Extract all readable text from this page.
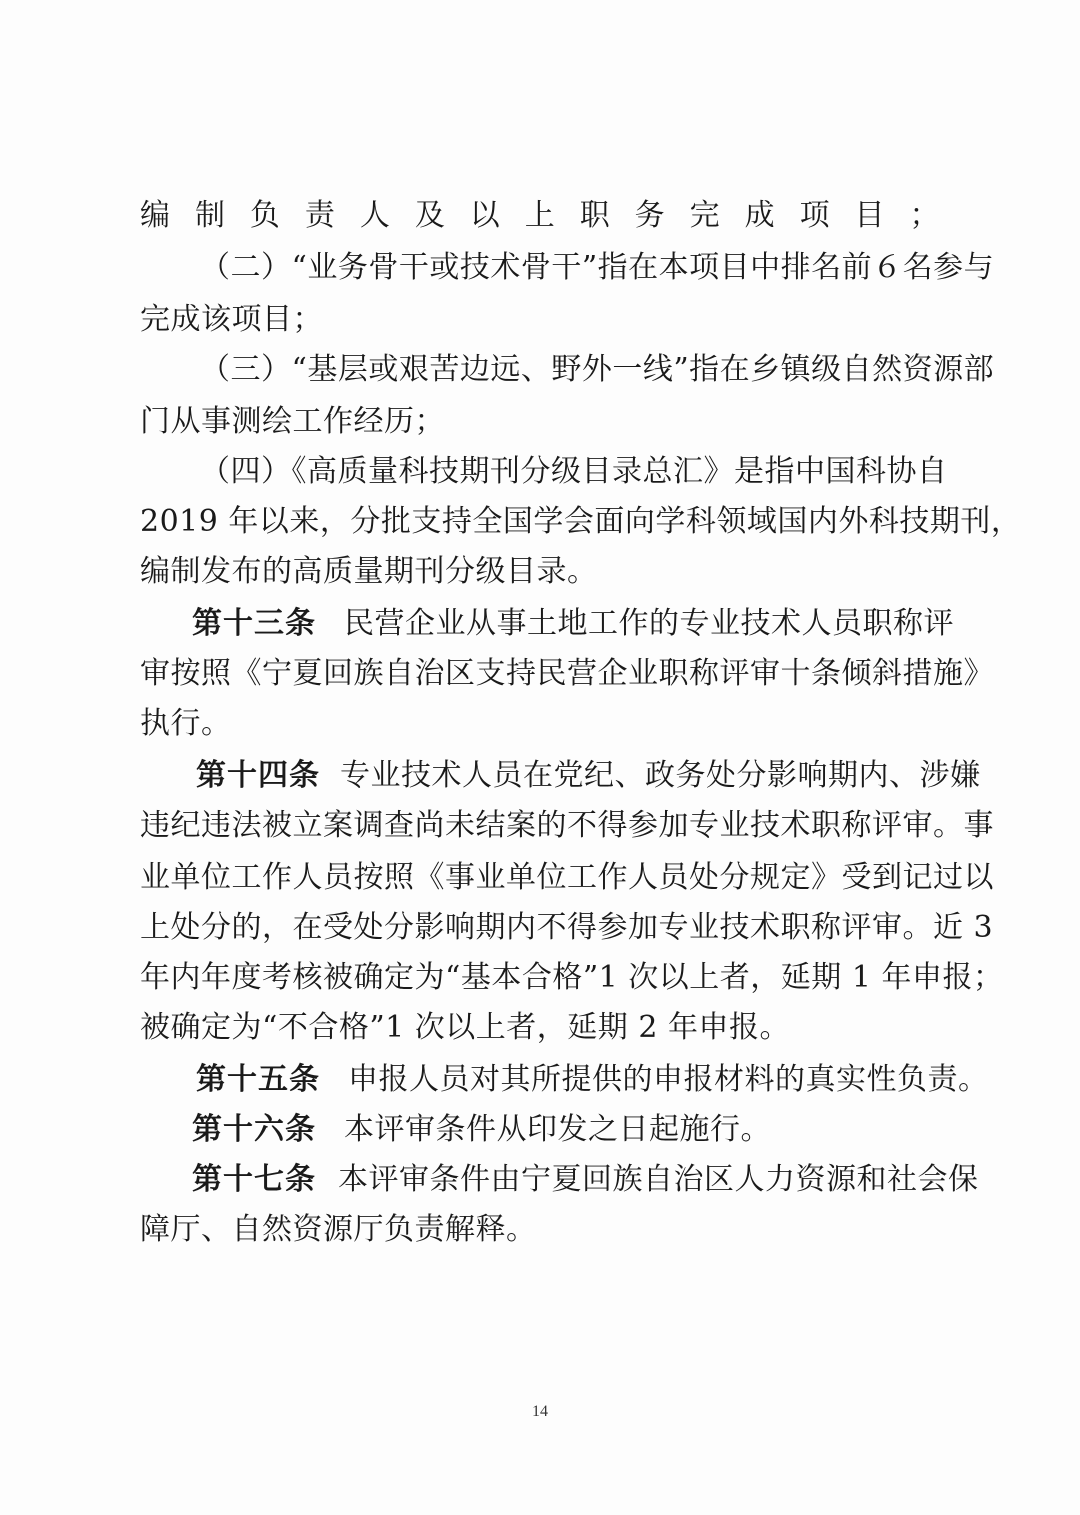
编制负责人及以上职务完成项目；
（二）“业务骨干或技术骨干”指在本项目中排名前６名参与
完成该项目；
（三）“基层或艰苦边远、野外一线”指在乡镇级自然资源部
门从事测绘工作经历；
（四）《高质量科技期刊分级目录总汇》是指中国科协自
2019 年以来，分批支持全国学会面向学科领域国内外科技期刊，
编制发布的高质量期刊分级目录。
第十三条 民营企业从事土地工作的专业技术人员职称评
审按照《宁夏回族自治区支持民营企业职称评审十条倾斜措施》
执行。
第十四条 专业技术人员在党纪、政务处分影响期内、涉嫌
违纪违法被立案调查尚未结案的不得参加专业技术职称评审。事
业单位工作人员按照《事业单位工作人员处分规定》受到记过以
上处分的，在受处分影响期内不得参加专业技术职称评审。近 3
年内年度考核被确定为“基本合格”1 次以上者，延期 1 年申报；
被确定为“不合格”1 次以上者，延期 2 年申报。
第十五条 申报人员对其所提供的申报材料的真实性负责。
第十六条 本评审条件从印发之日起施行。
第十七条 本评审条件由宁夏回族自治区人力资源和社会保
障厅、自然资源厅负责解释。
14
